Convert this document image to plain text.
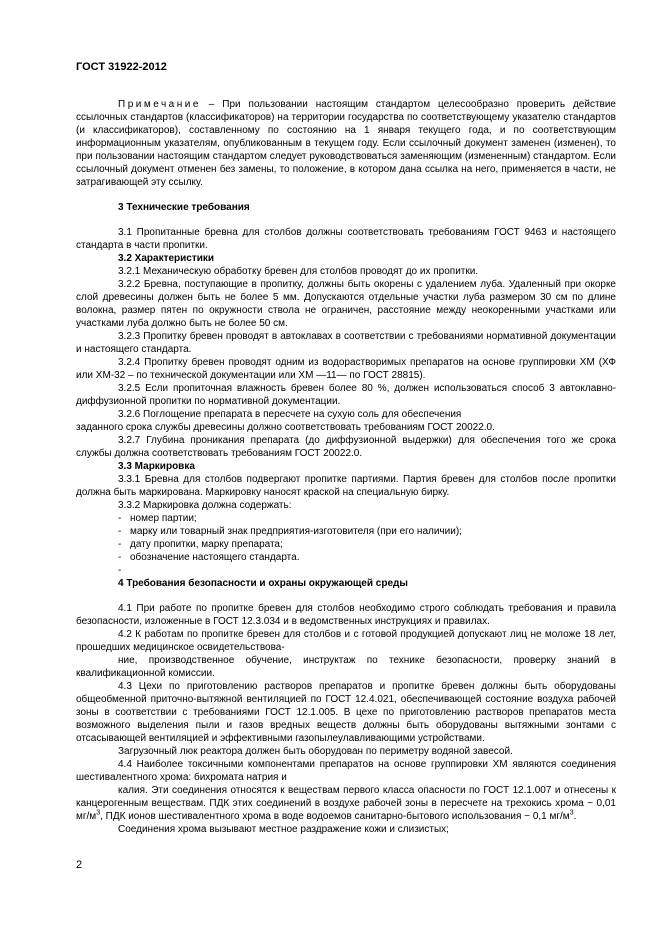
ГОСТ 31922-2012

Примечание – При пользовании настоящим стандартом целесообразно проверить действие ссылочных стандартов (классификаторов) на территории государства по соответствующему указателю стандартов (и классификаторов), составленному по состоянию на 1 января текущего года, и по соответствующим информационным указателям, опубликованным в текущем году. Если ссылочный документ заменен (изменен), то при пользовании настоящим стандартом следует руководствоваться заменяющим (измененным) стандартом. Если ссылочный документ отменен без замены, то положение, в котором дана ссылка на него, применяется в части, не затрагивающей эту ссылку.

3 Технические требования

3.1 Пропитанные бревна для столбов должны соответствовать требованиям ГОСТ 9463 и настоящего стандарта в части пропитки.

3.2 Характеристики

3.2.1 Механическую обработку бревен для столбов проводят до их пропитки.

3.2.2 Бревна, поступающие в пропитку, должны быть окорены с удалением луба. Удаленный при окорке слой древесины должен быть не более 5 мм. Допускаются отдельные участки луба размером 30 см по длине волокна, размер пятен по окружности ствола не ограничен, расстояние между неокоренными участками или участками луба должно быть не более 50 см.

3.2.3 Пропитку бревен проводят в автоклавах в соответствии с требованиями нормативной документации и настоящего стандарта.

3.2.4 Пропитку бревен проводят одним из водорастворимых препаратов на основе группировки ХМ (ХФ или ХМ-32 – по технической документации или ХМ —11— по ГОСТ 28815).

3.2.5 Если пропиточная влажность бревен более 80 %, должен использоваться способ 3 автоклавно-диффузионной пропитки по нормативной документации.

3.2.6 Поглощение препарата в пересчете на сухую соль для обеспечения

заданного срока службы древесины должно соответствовать требованиям ГОСТ 20022.0.

3.2.7 Глубина проникания препарата (до диффузионной выдержки) для обеспечения того же срока службы должна соответствовать требованиям ГОСТ 20022.0.

3.3 Маркировка

3.3.1 Бревна для столбов подвергают пропитке партиями. Партия бревен для столбов после пропитки должна быть маркирована. Маркировку наносят краской на специальную бирку.

3.3.2 Маркировка должна содержать:

- номер партии;
- марку или товарный знак предприятия-изготовителя (при его наличии);
- дату пропитки, марку препарата;
- обозначение настоящего стандарта.
-

4 Требования безопасности и охраны окружающей среды

4.1 При работе по пропитке бревен для столбов необходимо строго соблюдать требования и правила безопасности, изложенные в ГОСТ 12.3.034 и в ведомственных инструкциях и правилах.

4.2 К работам по пропитке бревен для столбов и с готовой продукцией допускают лиц не моложе 18 лет, прошедших медицинское освидетельствова-

ние, производственное обучение, инструктаж по технике безопасности, проверку знаний в квалификационной комиссии.

4.3 Цехи по приготовлению растворов препаратов и пропитке бревен должны быть оборудованы общеобменной приточно-вытяжной вентиляцией по ГОСТ 12.4.021, обеспечивающей состояние воздуха рабочей зоны в соответствии с требованиями ГОСТ 12.1.005. В цехе по приготовлению растворов препаратов места возможного выделения пыли и газов вредных веществ должны быть оборудованы вытяжными зонтами с отсасывающей вентиляцией и эффективными газопылеулавливающими устройствами.

Загрузочный люк реактора должен быть оборудован по периметру водяной завесой.

4.4 Наиболее токсичными компонентами препаратов на основе группировки ХМ являются соединения шестивалентного хрома: бихромата натрия и

калия. Эти соединения относятся к веществам первого класса опасности по ГОСТ 12.1.007 и отнесены к канцерогенным веществам. ПДК этих соединений в воздухе рабочей зоны в пересчете на трехокись хрома − 0,01 $мг/м^3$, ПДК ионов шестивалентного хрома в воде водоемов санитарно-бытового использования − 0,1 $мг/м^3$.

Соединения хрома вызывают местное раздражение кожи и слизистых;

2
